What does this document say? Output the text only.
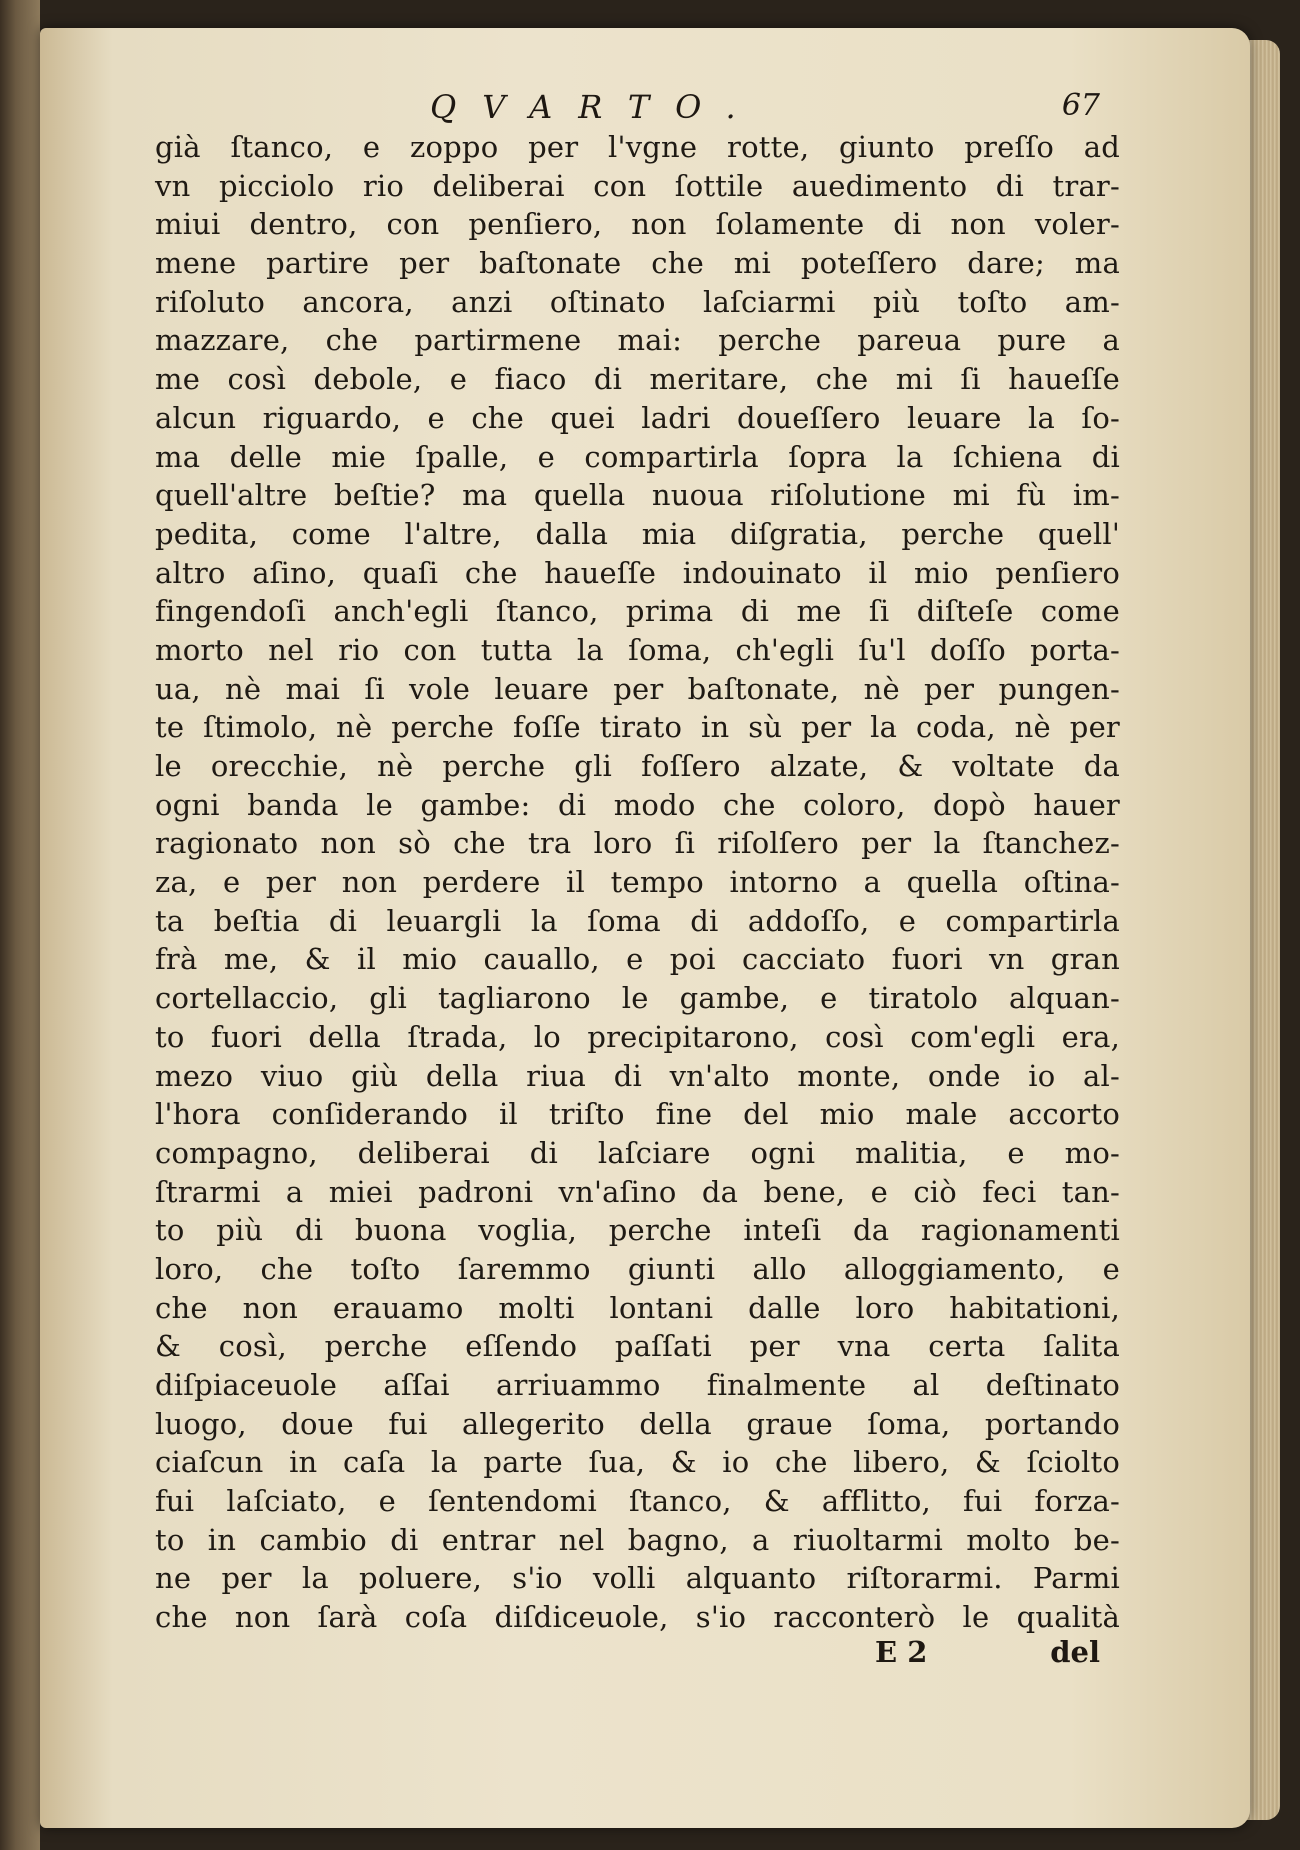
QVARTO.	67
già ſtanco, e zoppo per l'vgne rotte, giunto preſſo ad
vn picciolo rio deliberai con ſottile auedimento di trar-
miui dentro, con penſiero, non ſolamente di non voler-
mene partire per baſtonate che mi poteſſero dare; ma
riſoluto ancora, anzi oſtinato laſciarmi più toſto am-
mazzare, che partirmene mai: perche pareua pure a
me così debole, e fiaco di meritare, che mi ſi haueſſe
alcun riguardo, e che quei ladri doueſſero leuare la ſo-
ma delle mie ſpalle, e compartirla ſopra la ſchiena di
quell'altre beſtie? ma quella nuoua riſolutione mi fù im-
pedita, come l'altre, dalla mia diſgratia, perche quell'
altro aſino, quaſi che haueſſe indouinato il mio penſiero
fingendoſi anch'egli ſtanco, prima di me ſi diſteſe come
morto nel rio con tutta la ſoma, ch'egli ſu'l doſſo porta-
ua, nè mai ſi vole leuare per baſtonate, nè per pungen-
te ſtimolo, nè perche foſſe tirato in sù per la coda, nè per
le orecchie, nè perche gli foſſero alzate, & voltate da
ogni banda le gambe: di modo che coloro, dopò hauer
ragionato non sò che tra loro ſi riſolſero per la ſtanchez-
za, e per non perdere il tempo intorno a quella oſtina-
ta beſtia di leuargli la ſoma di addoſſo, e compartirla
frà me, & il mio cauallo, e poi cacciato fuori vn gran
cortellaccio, gli tagliarono le gambe, e tiratolo alquan-
to fuori della ſtrada, lo precipitarono, così com'egli era,
mezo viuo giù della riua di vn'alto monte, onde io al-
l'hora conſiderando il triſto fine del mio male accorto
compagno, deliberai di laſciare ogni malitia, e mo-
ſtrarmi a miei padroni vn'aſino da bene, e ciò feci tan-
to più di buona voglia, perche inteſi da ragionamenti
loro, che toſto ſaremmo giunti allo alloggiamento, e
che non erauamo molti lontani dalle loro habitationi,
& così, perche eſſendo paſſati per vna certa ſalita
diſpiaceuole aſſai arriuammo finalmente al deſtinato
luogo, doue fui allegerito della graue ſoma, portando
ciaſcun in caſa la parte ſua, & io che libero, & ſciolto
fui laſciato, e ſentendomi ſtanco, & afflitto, fui forza-
to in cambio di entrar nel bagno, a riuoltarmi molto be-
ne per la poluere, s'io volli alquanto riſtorarmi. Parmi
che non ſarà coſa diſdiceuole, s'io racconterò le qualità
E 2	del
